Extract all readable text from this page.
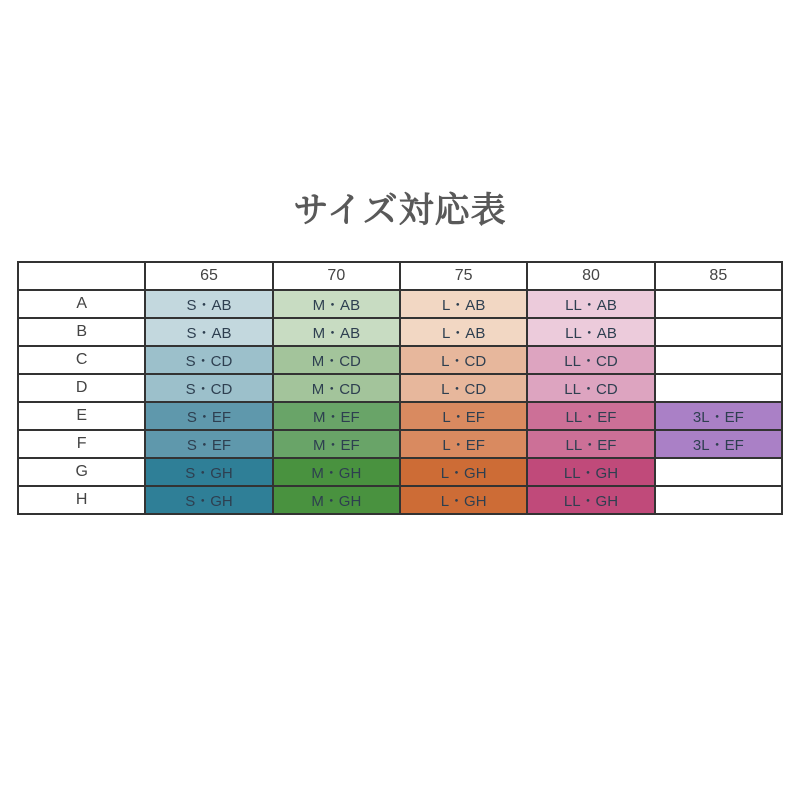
サイズ対応表
	65	70	75	80	85
A	S・AB	M・AB	L・AB	LL・AB	
B	S・AB	M・AB	L・AB	LL・AB	
C	S・CD	M・CD	L・CD	LL・CD	
D	S・CD	M・CD	L・CD	LL・CD	
E	S・EF	M・EF	L・EF	LL・EF	3L・EF
F	S・EF	M・EF	L・EF	LL・EF	3L・EF
G	S・GH	M・GH	L・GH	LL・GH	
H	S・GH	M・GH	L・GH	LL・GH	
